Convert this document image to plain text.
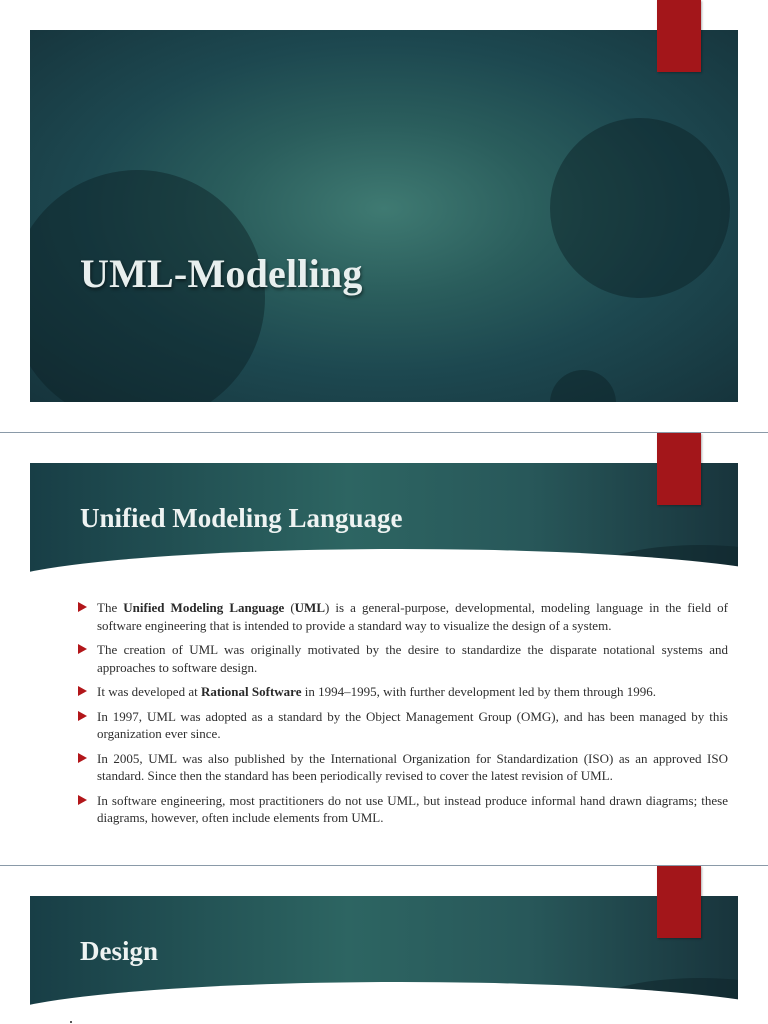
UML-Modelling
Unified Modeling Language
The Unified Modeling Language (UML) is a general-purpose, developmental, modeling language in the field of software engineering that is intended to provide a standard way to visualize the design of a system.
The creation of UML was originally motivated by the desire to standardize the disparate notational systems and approaches to software design.
It was developed at Rational Software in 1994–1995, with further development led by them through 1996.
In 1997, UML was adopted as a standard by the Object Management Group (OMG), and has been managed by this organization ever since.
In 2005, UML was also published by the International Organization for Standardization (ISO) as an approved ISO standard. Since then the standard has been periodically revised to cover the latest revision of UML.
In software engineering, most practitioners do not use UML, but instead produce informal hand drawn diagrams; these diagrams, however, often include elements from UML.
Design
